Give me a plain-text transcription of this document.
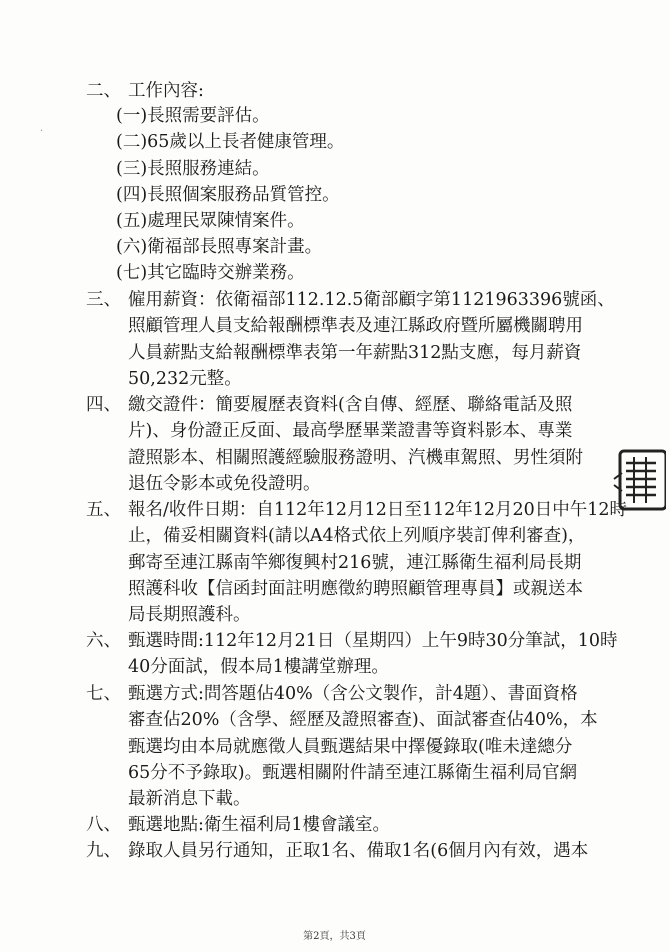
·
二、 工作內容:
(一)長照需要評估。
(二)65歲以上長者健康管理。
(三)長照服務連結。
(四)長照個案服務品質管控。
(五)處理民眾陳情案件。
(六)衛福部長照專案計畫。
(七)其它臨時交辦業務。
三、 僱用薪資：依衛福部112.12.5衛部顧字第1121963396號函、
照顧管理人員支給報酬標準表及連江縣政府暨所屬機關聘用
人員薪點支給報酬標準表第一年薪點312點支應，每月薪資
50,232元整。
四、 繳交證件：簡要履歷表資料(含自傳、經歷、聯絡電話及照
片)、身份證正反面、最高學歷畢業證書等資料影本、專業
證照影本、相關照護經驗服務證明、汽機車駕照、男性須附
退伍令影本或免役證明。
五、 報名/收件日期：自112年12月12日至112年12月20日中午12時
止，備妥相關資料(請以A4格式依上列順序裝訂俾利審查)，
郵寄至連江縣南竿鄉復興村216號，連江縣衛生福利局長期
照護科收【信函封面註明應徵約聘照顧管理專員】或親送本
局長期照護科。
六、 甄選時間:112年12月21日（星期四）上午9時30分筆試，10時
40分面試，假本局1樓講堂辦理。
七、 甄選方式:問答題佔40%（含公文製作，計4題）、書面資格
審查佔20%（含學、經歷及證照審查)、面試審查佔40%，本
甄選均由本局就應徵人員甄選結果中擇優錄取(唯未達總分
65分不予錄取)。甄選相關附件請至連江縣衛生福利局官網
最新消息下載。
八、 甄選地點:衛生福利局1樓會議室。
九、 錄取人員另行通知，正取1名、備取1名(6個月內有效，遇本
第2頁，共3頁
